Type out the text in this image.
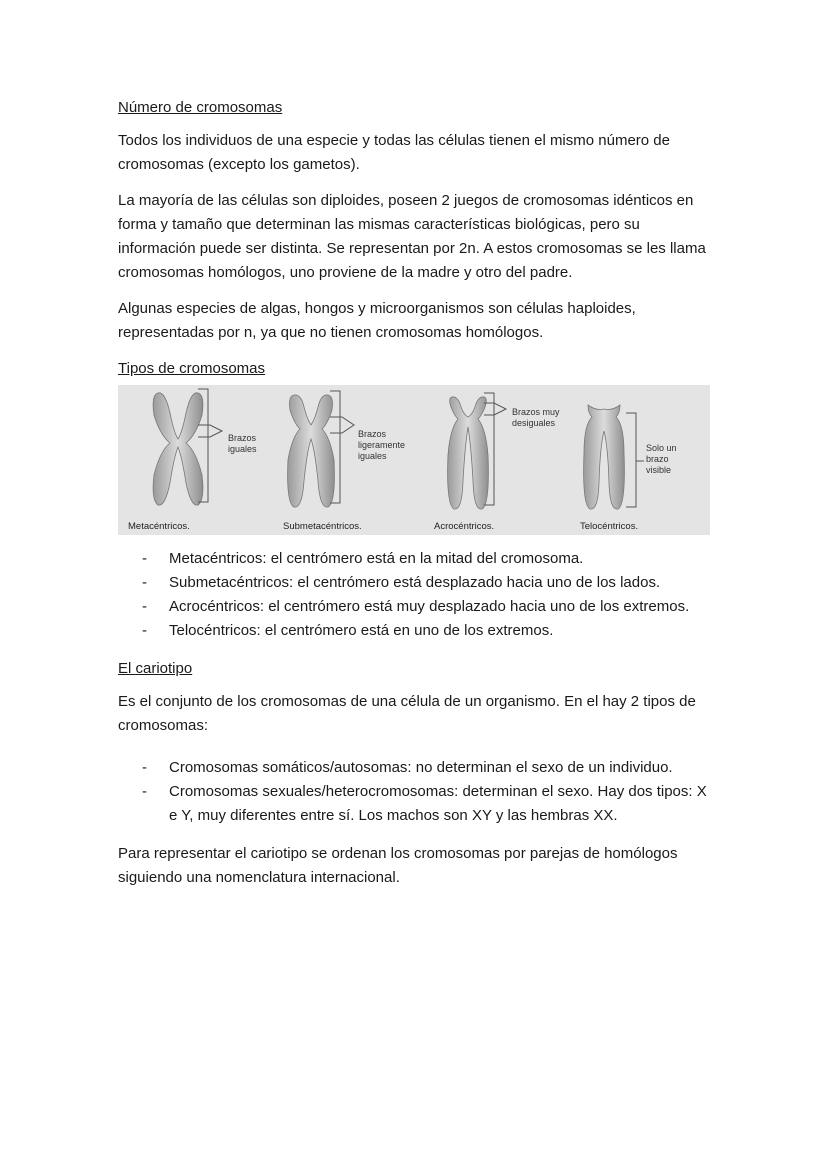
Número de cromosomas

Todos los individuos de una especie y todas las células tienen el mismo número de cromosomas (excepto los gametos).

La mayoría de las células son diploides, poseen 2 juegos de cromosomas idénticos en forma y tamaño que determinan las mismas características biológicas, pero su información puede ser distinta. Se representan por 2n. A estos cromosomas se les llama cromosomas homólogos, uno proviene de la madre y otro del padre.

Algunas especies de algas, hongos y microorganismos son células haploides, representadas por n, ya que no tienen cromosomas homólogos.

Tipos de cromosomas
Brazos iguales
Brazos ligeramente iguales
Brazos muy desiguales
Solo un brazo visible
Metacéntricos.	Submetacéntricos.	Acrocéntricos.	Telocéntricos.
- Metacéntricos: el centrómero está en la mitad del cromosoma.
- Submetacéntricos: el centrómero está desplazado hacia uno de los lados.
- Acrocéntricos: el centrómero está muy desplazado hacia uno de los extremos.
- Telocéntricos: el centrómero está en uno de los extremos.
El cariotipo

Es el conjunto de los cromosomas de una célula de un organismo. En el hay 2 tipos de cromosomas:

- Cromosomas somáticos/autosomas: no determinan el sexo de un individuo.
- Cromosomas sexuales/heterocromosomas: determinan el sexo. Hay dos tipos: X e Y, muy diferentes entre sí. Los machos son XY y las hembras XX.

Para representar el cariotipo se ordenan los cromosomas por parejas de homólogos siguiendo una nomenclatura internacional.
